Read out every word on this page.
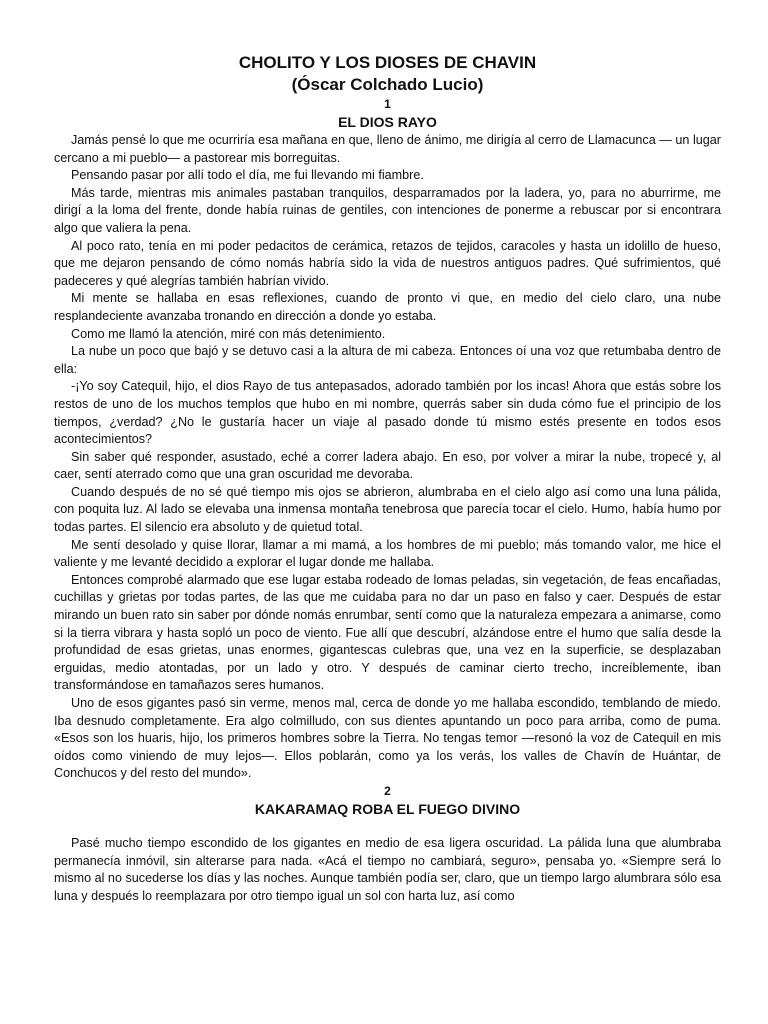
CHOLITO Y LOS DIOSES DE CHAVIN
(Óscar Colchado Lucio)
1
EL DIOS RAYO

Jamás pensé lo que me ocurriría esa mañana en que, lleno de ánimo, me dirigía al cerro de Llamacunca — un lugar cercano a mi pueblo— a pastorear mis borreguitas.

Pensando pasar por allí todo el día, me fui llevando mi fiambre.

Más tarde, mientras mis animales pastaban tranquilos, desparramados por la ladera, yo, para no aburrirme, me dirigí a la loma del frente, donde había ruinas de gentiles, con intenciones de ponerme a rebuscar por si encontrara algo que valiera la pena.

Al poco rato, tenía en mi poder pedacitos de cerámica, retazos de tejidos, caracoles y hasta un idolillo de hueso, que me dejaron pensando de cómo nomás habría sido la vida de nuestros antiguos padres. Qué sufrimientos, qué padeceres y qué alegrías también habrían vivido.

Mi mente se hallaba en esas reflexiones, cuando de pronto vi que, en medio del cielo claro, una nube resplandeciente avanzaba tronando en dirección a donde yo estaba.

Como me llamó la atención, miré con más detenimiento.

La nube un poco que bajó y se detuvo casi a la altura de mi cabeza. Entonces oí una voz que retumbaba dentro de ella:

-¡Yo soy Catequil, hijo, el dios Rayo de tus antepasados, adorado también por los incas! Ahora que estás sobre los restos de uno de los muchos templos que hubo en mi nombre, querrás saber sin duda cómo fue el principio de los tiempos, ¿verdad? ¿No le gustaría hacer un viaje al pasado donde tú mismo estés presente en todos esos acontecimientos?

Sin saber qué responder, asustado, eché a correr ladera abajo. En eso, por volver a mirar la nube, tropecé y, al caer, sentí aterrado como que una gran oscuridad me devoraba.

Cuando después de no sé qué tiempo mis ojos se abrieron, alumbraba en el cielo algo así como una luna pálida, con poquita luz. Al lado se elevaba una inmensa montaña tenebrosa que parecía tocar el cielo. Humo, había humo por todas partes. El silencio era absoluto y de quietud total.

Me sentí desolado y quise llorar, llamar a mi mamá, a los hombres de mi pueblo; más tomando valor, me hice el valiente y me levanté decidido a explorar el lugar donde me hallaba.

Entonces comprobé alarmado que ese lugar estaba rodeado de lomas peladas, sin vegetación, de feas encañadas, cuchillas y grietas por todas partes, de las que me cuidaba para no dar un paso en falso y caer. Después de estar mirando un buen rato sin saber por dónde nomás enrumbar, sentí como que la naturaleza empezara a animarse, como si la tierra vibrara y hasta sopló un poco de viento. Fue allí que descubrí, alzándose entre el humo que salía desde la profundidad de esas grietas, unas enormes, gigantescas culebras que, una vez en la superficie, se desplazaban erguidas, medio atontadas, por un lado y otro. Y después de caminar cierto trecho, increíblemente, iban transformándose en tamañazos seres humanos.

Uno de esos gigantes pasó sin verme, menos mal, cerca de donde yo me hallaba escondido, temblando de miedo. Iba desnudo completamente. Era algo colmilludo, con sus dientes apuntando un poco para arriba, como de puma. «Esos son los huaris, hijo, los primeros hombres sobre la Tierra. No tengas temor —resonó la voz de Catequil en mis oídos como viniendo de muy lejos—. Ellos poblarán, como ya los verás, los valles de Chavín de Huántar, de Conchucos y del resto del mundo».

2
KAKARAMAQ ROBA EL FUEGO DIVINO

Pasé mucho tiempo escondido de los gigantes en medio de esa ligera oscuridad. La pálida luna que alumbraba permanecía inmóvil, sin alterarse para nada. «Acá el tiempo no cambiará, seguro», pensaba yo. «Siempre será lo mismo al no sucederse los días y las noches. Aunque también podía ser, claro, que un tiempo largo alumbrara sólo esa luna y después lo reemplazara por otro tiempo igual un sol con harta luz, así como
